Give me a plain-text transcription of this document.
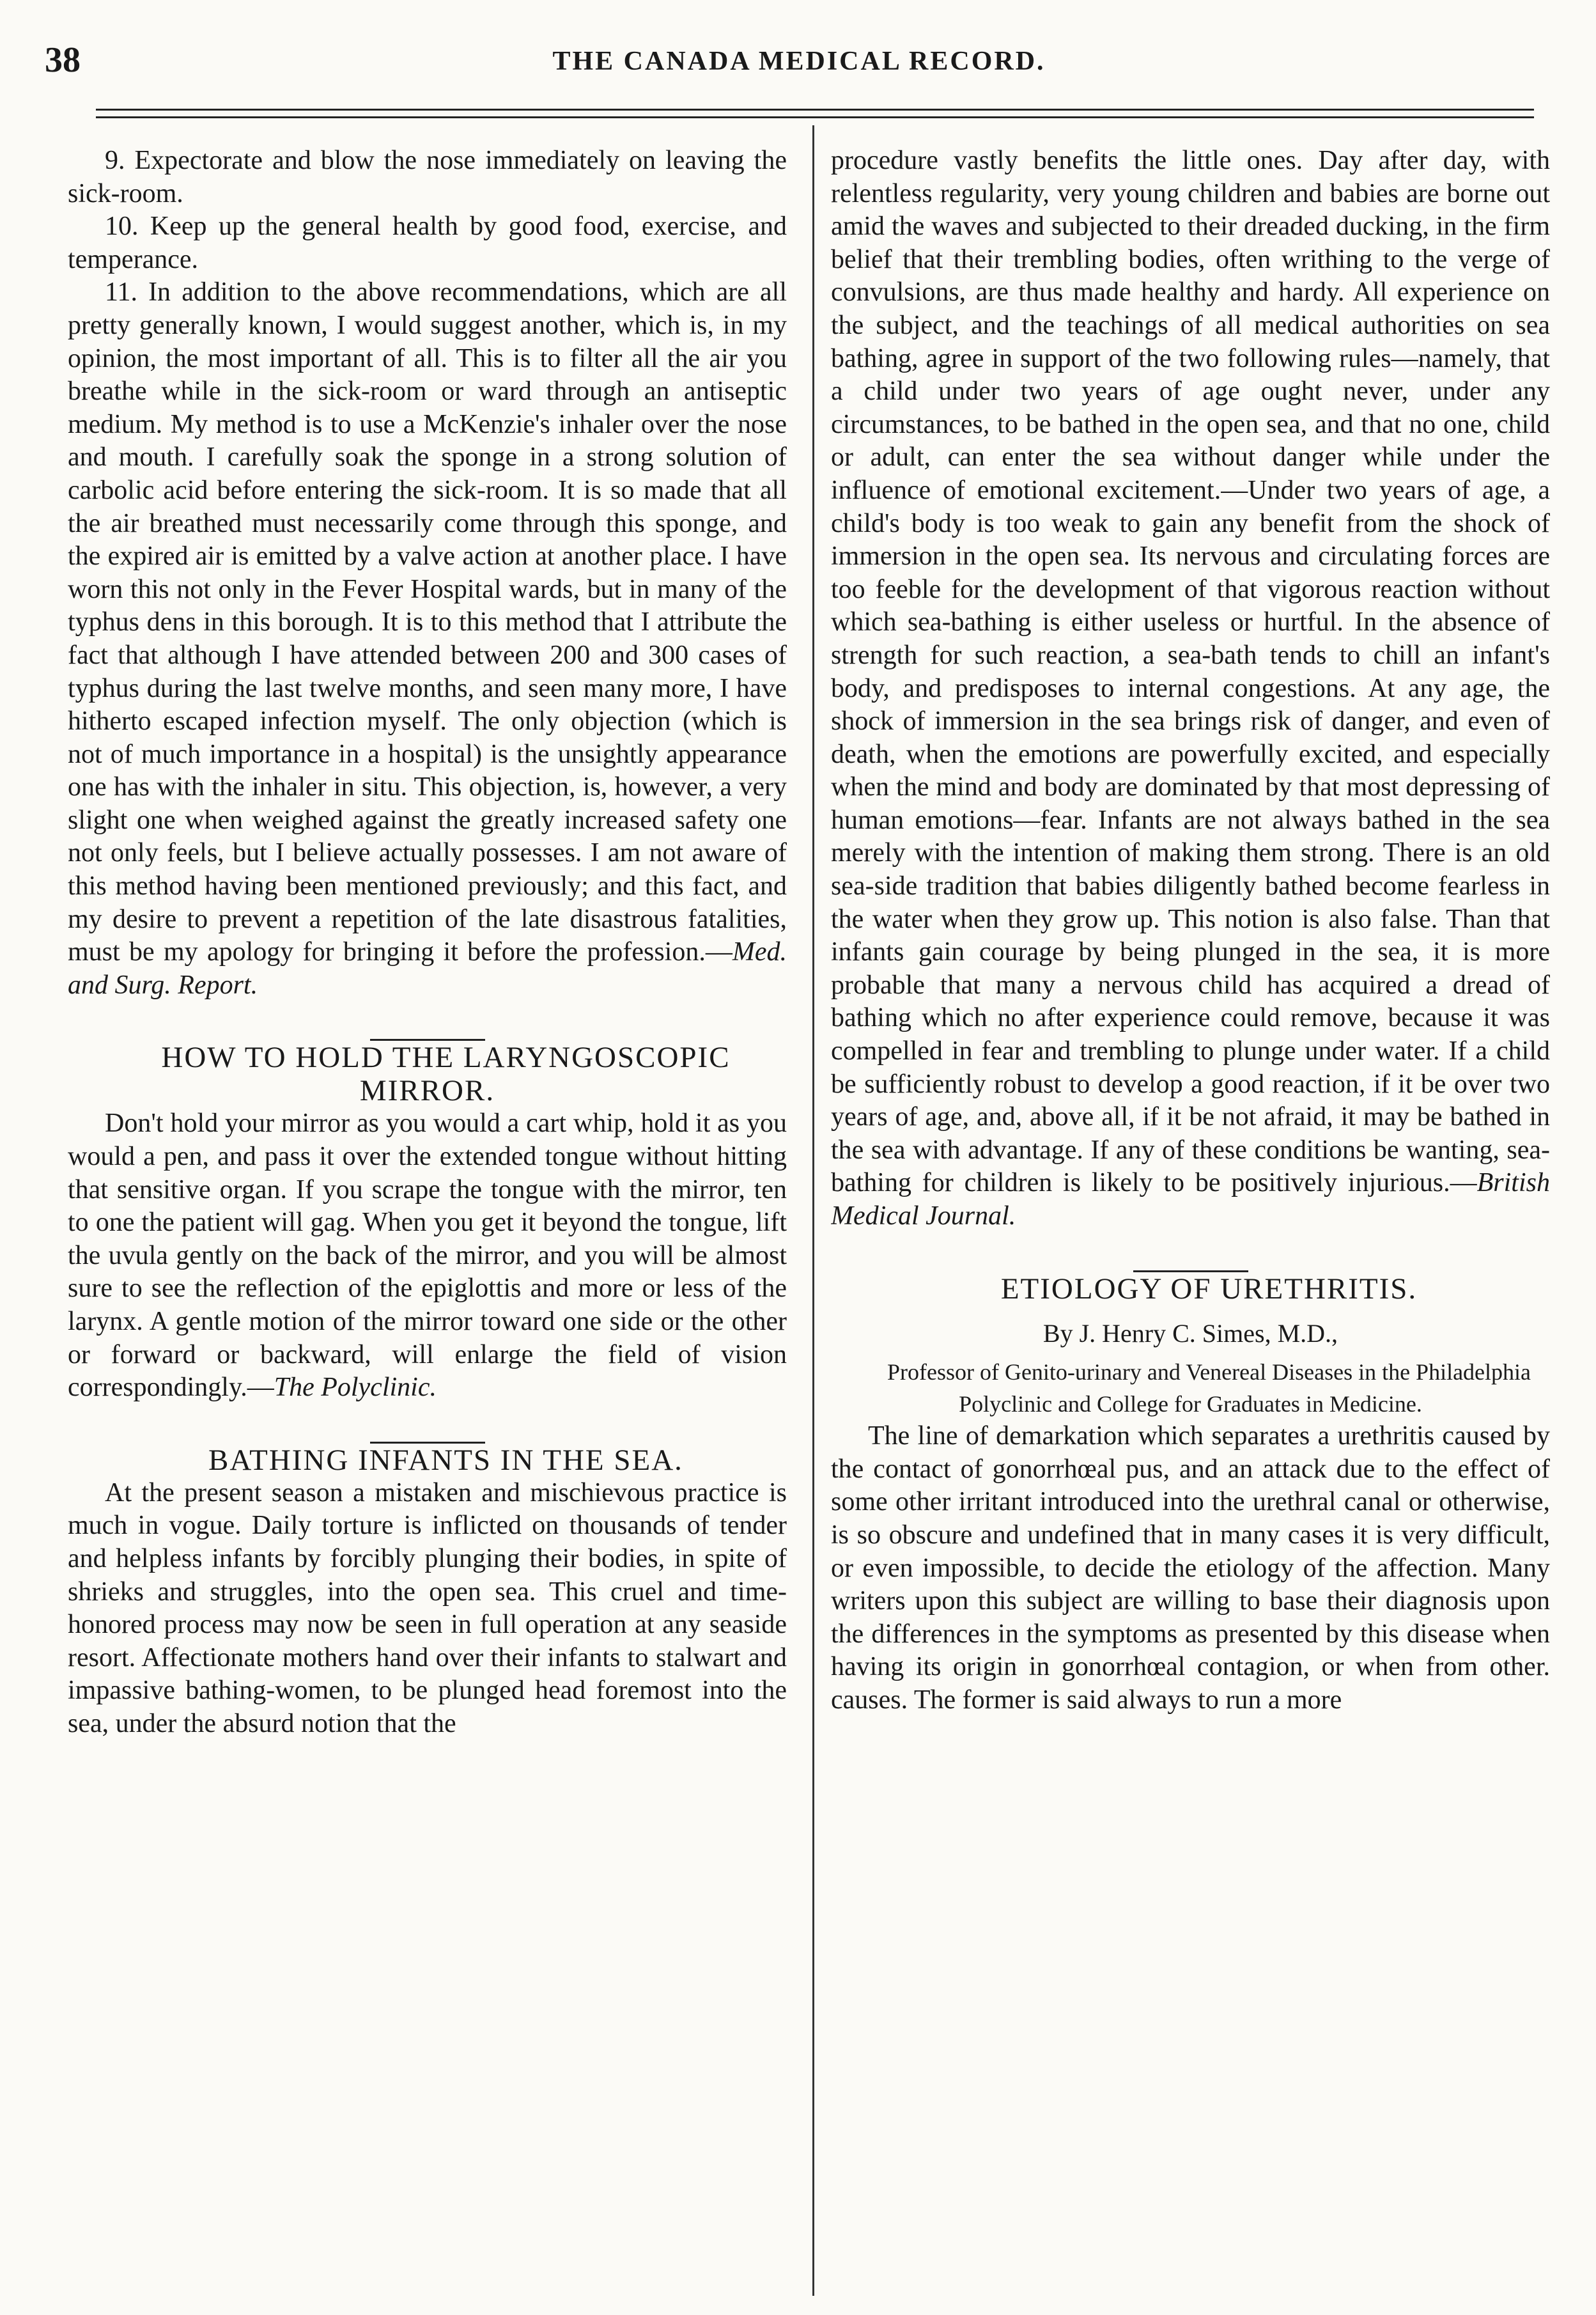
38	THE CANADA MEDICAL RECORD.

9. Expectorate and blow the nose immediately on leaving the sick-room.

10. Keep up the general health by good food, exercise, and temperance.

11. In addition to the above recommendations, which are all pretty generally known, I would suggest another, which is, in my opinion, the most important of all. This is to filter all the air you breathe while in the sick-room or ward through an antiseptic medium. My method is to use a McKenzie's inhaler over the nose and mouth. I carefully soak the sponge in a strong solution of carbolic acid before entering the sick-room. It is so made that all the air breathed must necessarily come through this sponge, and the expired air is emitted by a valve action at another place. I have worn this not only in the Fever Hospital wards, but in many of the typhus dens in this borough. It is to this method that I attribute the fact that although I have attended between 200 and 300 cases of typhus during the last twelve months, and seen many more, I have hitherto escaped infection myself. The only objection (which is not of much importance in a hospital) is the unsightly appearance one has with the inhaler in situ. This objection, is, however, a very slight one when weighed against the greatly increased safety one not only feels, but I believe actually possesses. I am not aware of this method having been mentioned previously; and this fact, and my desire to prevent a repetition of the late disastrous fatalities, must be my apology for bringing it before the profession.—Med. and Surg. Report.

HOW TO HOLD THE LARYNGOSCOPIC MIRROR.

Don't hold your mirror as you would a cart whip, hold it as you would a pen, and pass it over the extended tongue without hitting that sensitive organ. If you scrape the tongue with the mirror, ten to one the patient will gag. When you get it beyond the tongue, lift the uvula gently on the back of the mirror, and you will be almost sure to see the reflection of the epiglottis and more or less of the larynx. A gentle motion of the mirror toward one side or the other or forward or backward, will enlarge the field of vision correspondingly.—The Polyclinic.

BATHING INFANTS IN THE SEA.

At the present season a mistaken and mischievous practice is much in vogue. Daily torture is inflicted on thousands of tender and helpless infants by forcibly plunging their bodies, in spite of shrieks and struggles, into the open sea. This cruel and time-honored process may now be seen in full operation at any seaside resort. Affectionate mothers hand over their infants to stalwart and impassive bathing-women, to be plunged head foremost into the sea, under the absurd notion that the

procedure vastly benefits the little ones. Day after day, with relentless regularity, very young children and babies are borne out amid the waves and subjected to their dreaded ducking, in the firm belief that their trembling bodies, often writhing to the verge of convulsions, are thus made healthy and hardy. All experience on the subject, and the teachings of all medical authorities on sea bathing, agree in support of the two following rules—namely, that a child under two years of age ought never, under any circumstances, to be bathed in the open sea, and that no one, child or adult, can enter the sea without danger while under the influence of emotional excitement.—Under two years of age, a child's body is too weak to gain any benefit from the shock of immersion in the open sea. Its nervous and circulating forces are too feeble for the development of that vigorous reaction without which sea-bathing is either useless or hurtful. In the absence of strength for such reaction, a sea-bath tends to chill an infant's body, and predisposes to internal congestions. At any age, the shock of immersion in the sea brings risk of danger, and even of death, when the emotions are powerfully excited, and especially when the mind and body are dominated by that most depressing of human emotions—fear. Infants are not always bathed in the sea merely with the intention of making them strong. There is an old sea-side tradition that babies diligently bathed become fearless in the water when they grow up. This notion is also false. Than that infants gain courage by being plunged in the sea, it is more probable that many a nervous child has acquired a dread of bathing which no after experience could remove, because it was compelled in fear and trembling to plunge under water. If a child be sufficiently robust to develop a good reaction, if it be over two years of age, and, above all, if it be not afraid, it may be bathed in the sea with advantage. If any of these conditions be wanting, sea-bathing for children is likely to be positively injurious.—British Medical Journal.

ETIOLOGY OF URETHRITIS.

By J. Henry C. Simes, M.D.,

Professor of Genito-urinary and Venereal Diseases in the Philadelphia Polyclinic and College for Graduates in Medicine.

The line of demarkation which separates a urethritis caused by the contact of gonorrhœal pus, and an attack due to the effect of some other irritant introduced into the urethral canal or otherwise, is so obscure and undefined that in many cases it is very difficult, or even impossible, to decide the etiology of the affection. Many writers upon this subject are willing to base their diagnosis upon the differences in the symptoms as presented by this disease when having its origin in gonorrhœal contagion, or when from other. causes. The former is said always to run a more
